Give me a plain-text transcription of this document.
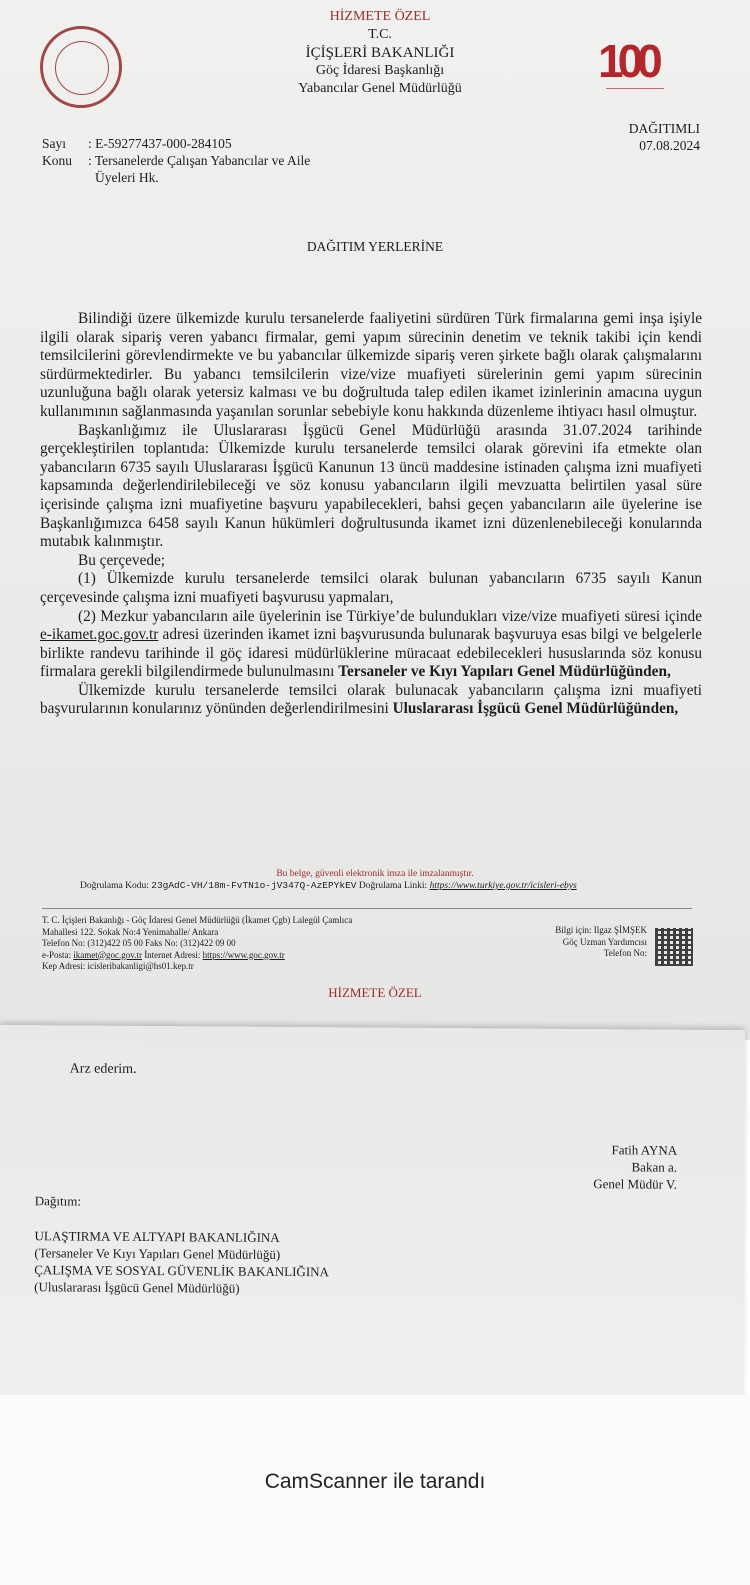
HİZMETE ÖZEL
T.C.
İÇİŞLERİ BAKANLIĞI
Göç İdaresi Başkanlığı
Yabancılar Genel Müdürlüğü
100
━━━━━━━━━━━━━━━━━━━━━━━━
DAĞITIMLI
07.08.2024
Sayı : E-59277437-000-284105
Konu : Tersanelerde Çalışan Yabancılar ve Aile
Üyeleri Hk.
DAĞITIM YERLERİNE

Bilindiği üzere ülkemizde kurulu tersanelerde faaliyetini sürdüren Türk firmalarına gemi inşa işiyle ilgili olarak sipariş veren yabancı firmalar, gemi yapım sürecinin denetim ve teknik takibi için kendi temsilcilerini görevlendirmekte ve bu yabancılar ülkemizde sipariş veren şirkete bağlı olarak çalışmalarını sürdürmektedirler. Bu yabancı temsilcilerin vize/vize muafiyeti sürelerinin gemi yapım sürecinin uzunluğuna bağlı olarak yetersiz kalması ve bu doğrultuda talep edilen ikamet izinlerinin amacına uygun kullanımının sağlanmasında yaşanılan sorunlar sebebiyle konu hakkında düzenleme ihtiyacı hasıl olmuştur.

Başkanlığımız ile Uluslararası İşgücü Genel Müdürlüğü arasında 31.07.2024 tarihinde gerçekleştirilen toplantıda: Ülkemizde kurulu tersanelerde temsilci olarak görevini ifa etmekte olan yabancıların 6735 sayılı Uluslararası İşgücü Kanunun 13 üncü maddesine istinaden çalışma izni muafiyeti kapsamında değerlendirilebileceği ve söz konusu yabancıların ilgili mevzuatta belirtilen yasal süre içerisinde çalışma izni muafiyetine başvuru yapabilecekleri, bahsi geçen yabancıların aile üyelerine ise Başkanlığımızca 6458 sayılı Kanun hükümleri doğrultusunda ikamet izni düzenlenebileceği konularında mutabık kalınmıştır.

Bu çerçevede;

(1) Ülkemizde kurulu tersanelerde temsilci olarak bulunan yabancıların 6735 sayılı Kanun çerçevesinde çalışma izni muafiyeti başvurusu yapmaları,

(2) Mezkur yabancıların aile üyelerinin ise Türkiye’de bulundukları vize/vize muafiyeti süresi içinde e-ikamet.goc.gov.tr adresi üzerinden ikamet izni başvurusunda bulunarak başvuruya esas bilgi ve belgelerle birlikte randevu tarihinde il göç idaresi müdürlüklerine müracaat edebilecekleri hususlarında söz konusu firmalara gerekli bilgilendirmede bulunulmasını Tersaneler ve Kıyı Yapıları Genel Müdürlüğünden,

Ülkemizde kurulu tersanelerde temsilci olarak bulunacak yabancıların çalışma izni muafiyeti başvurularının konularınız yönünden değerlendirilmesini Uluslararası İşgücü Genel Müdürlüğünden,

Bu belge, güvenli elektronik imza ile imzalanmıştır.
Doğrulama Kodu: 23gAdC-VH/18m-FvTN1o-jV347Q-AzEPYkEV Doğrulama Linki: https://www.turkiye.gov.tr/icisleri-ebys
T. C. İçişleri Bakanlığı - Göç İdaresi Genel Müdürlüğü (İkamet Çgb) Lalegül Çamlıca
Mahallesi 122. Sokak No:4 Yenimahalle/ Ankara
Telefon No: (312)422 05 00 Faks No: (312)422 09 00
e-Posta: ikamet@goc.gov.tr İnternet Adresi: https://www.goc.gov.tr
Kep Adresi: icisleribakanligi@hs01.kep.tr
Bilgi için: Ilgaz ŞİMŞEK
Göç Uzman Yardımcısı
Telefon No:
HİZMETE ÖZEL
Arz ederim.
Fatih AYNA
Bakan a.
Genel Müdür V.
Dağıtım:
ULAŞTIRMA VE ALTYAPI BAKANLIĞINA
(Tersaneler Ve Kıyı Yapıları Genel Müdürlüğü)
ÇALIŞMA VE SOSYAL GÜVENLİK BAKANLIĞINA
(Uluslararası İşgücü Genel Müdürlüğü)
CamScanner ile tarandı
